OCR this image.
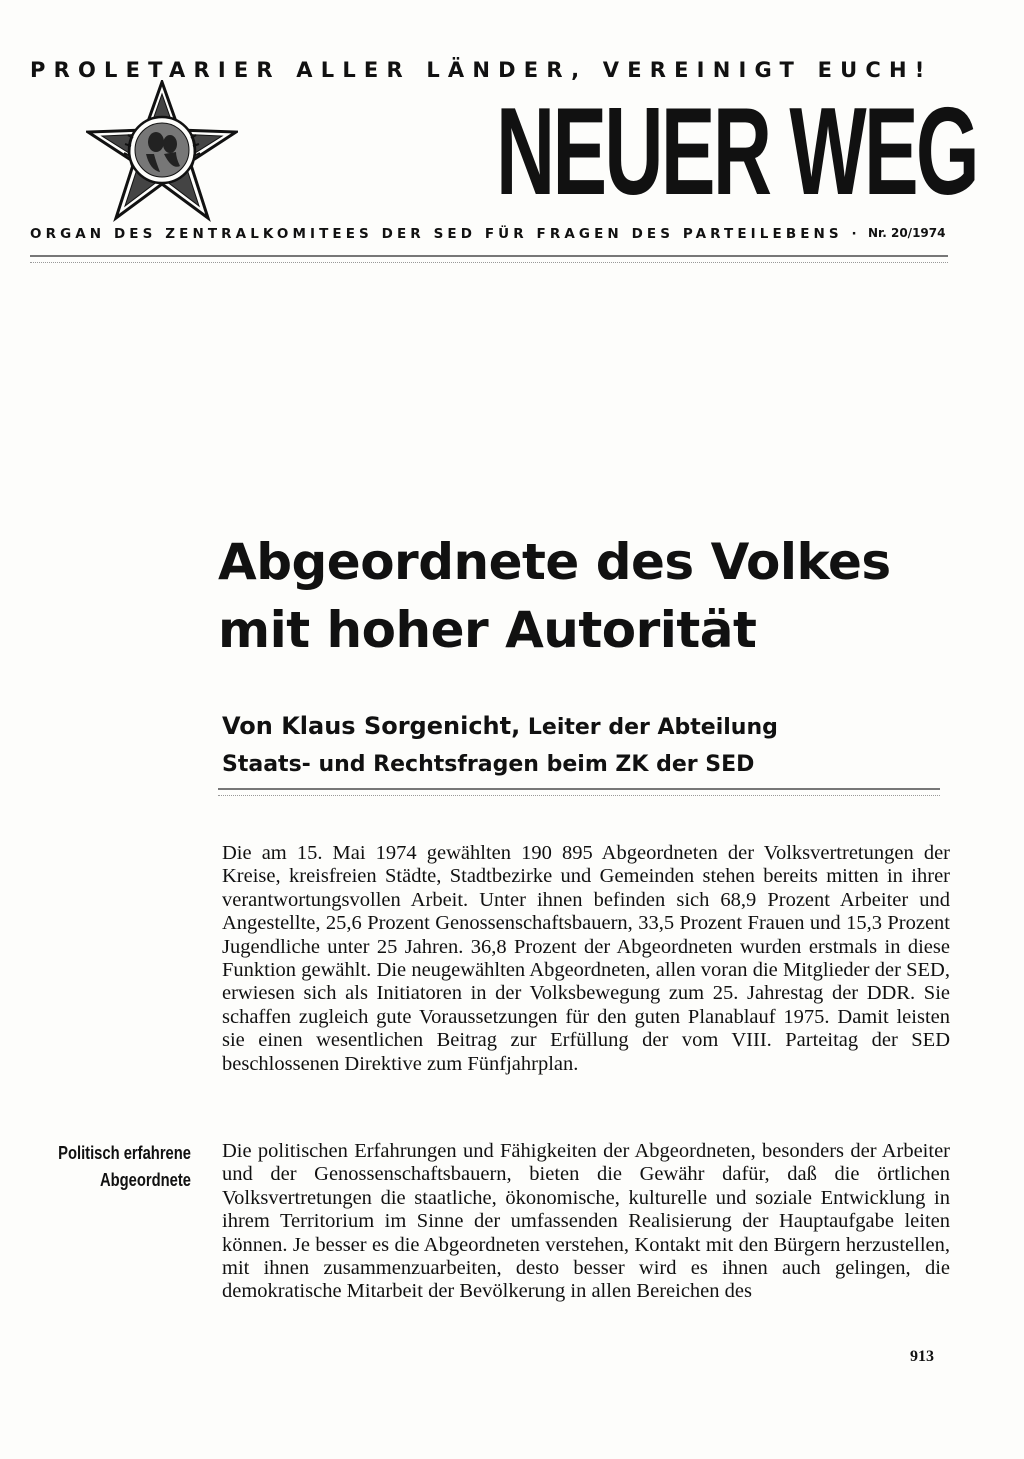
PROLETARIER ALLER LÄNDER, VEREINIGT EUCH!
NEUER WEG
ORGAN DES ZENTRALKOMITEES DER SED FÜR FRAGEN DES PARTEILEBENS · Nr. 20/1974
Abgeordnete des Volkes
mit hoher Autorität
Von Klaus Sorgenicht, Leiter der Abteilung
Staats- und Rechtsfragen beim ZK der SED

Die am 15. Mai 1974 gewählten 190 895 Abgeordneten der Volksvertretungen der Kreise, kreisfreien Städte, Stadtbezirke und Gemeinden stehen bereits mitten in ihrer verantwortungsvollen Arbeit. Unter ihnen befinden sich 68,9 Prozent Arbeiter und Angestellte, 25,6 Prozent Genossenschaftsbauern, 33,5 Prozent Frauen und 15,3 Prozent Jugendliche unter 25 Jahren. 36,8 Prozent der Abgeordneten wurden erstmals in diese Funktion gewählt. Die neugewählten Abgeordneten, allen voran die Mitglieder der SED, erwiesen sich als Initiatoren in der Volksbewegung zum 25. Jahrestag der DDR. Sie schaffen zugleich gute Voraussetzungen für den guten Planablauf 1975. Damit leisten sie einen wesentlichen Beitrag zur Erfüllung der vom VIII. Parteitag der SED beschlossenen Direktive zum Fünfjahrplan.

Politisch erfahrene
Abgeordnete

Die politischen Erfahrungen und Fähigkeiten der Abgeordneten, besonders der Arbeiter und der Genossenschaftsbauern, bieten die Gewähr dafür, daß die örtlichen Volksvertretungen die staatliche, ökonomische, kulturelle und soziale Entwicklung in ihrem Territorium im Sinne der umfassenden Realisierung der Hauptaufgabe leiten können. Je besser es die Abgeordneten verstehen, Kontakt mit den Bürgern herzustellen, mit ihnen zusammenzuarbeiten, desto besser wird es ihnen auch gelingen, die demokratische Mitarbeit der Bevölkerung in allen Bereichen des

913
